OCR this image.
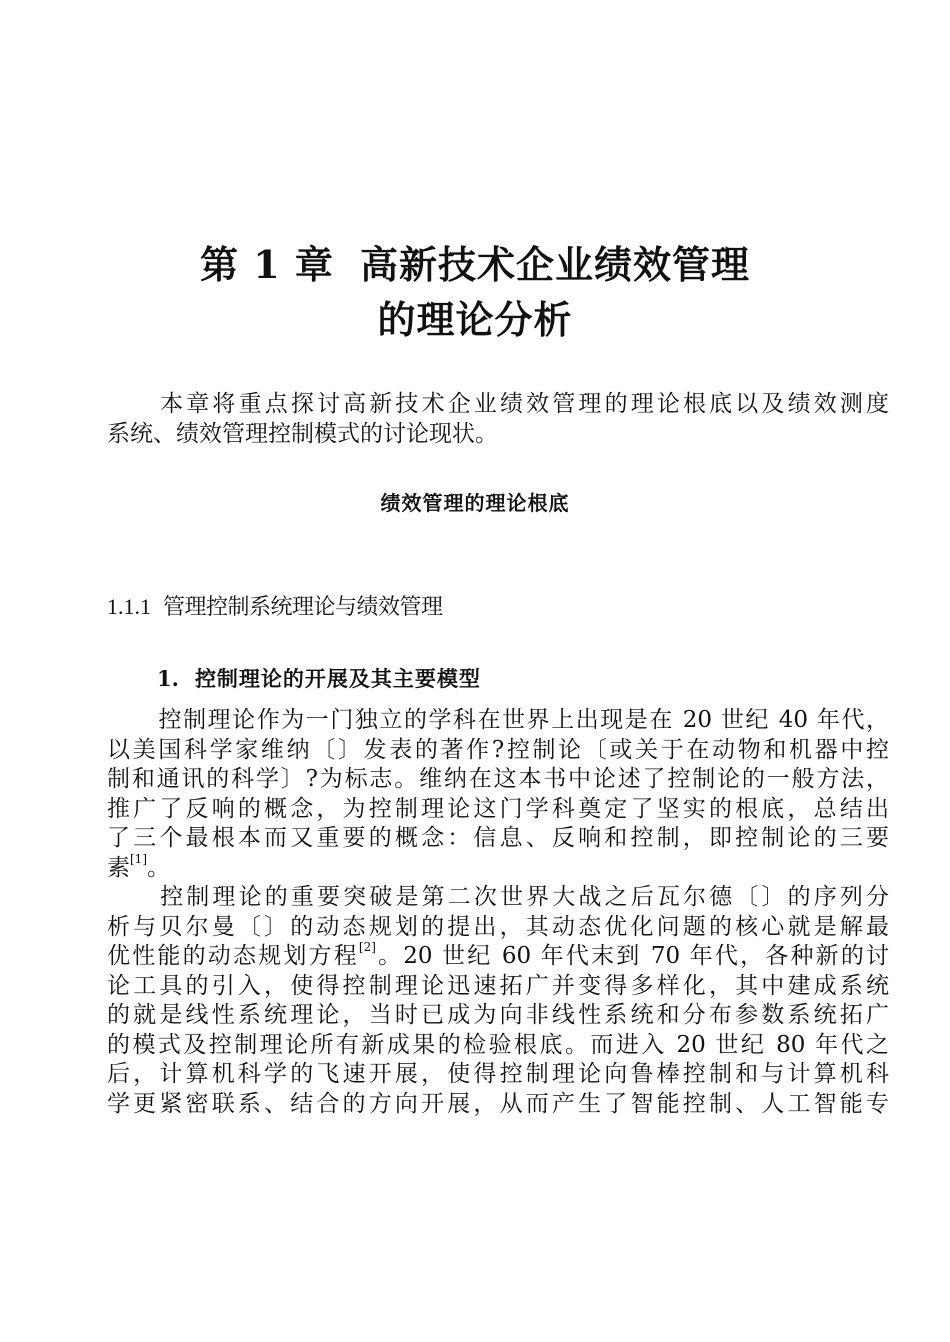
第 1 章 高新技术企业绩效管理
的理论分析
本章将重点探讨高新技术企业绩效管理的理论根底以及绩效测度
系统、绩效管理控制模式的讨论现状。
绩效管理的理论根底
1.1.1 管理控制系统理论与绩效管理
1. 控制理论的开展及其主要模型
控制理论作为一门独立的学科在世界上出现是在 20 世纪 40 年代，
以美国科学家维纳〔〕发表的著作?控制论〔或关于在动物和机器中控
制和通讯的科学〕?为标志。维纳在这本书中论述了控制论的一般方法，
推广了反响的概念，为控制理论这门学科奠定了坚实的根底，总结出
了三个最根本而又重要的概念：信息、反响和控制，即控制论的三要
素[1]。
控制理论的重要突破是第二次世界大战之后瓦尔德〔〕的序列分
析与贝尔曼〔〕的动态规划的提出，其动态优化问题的核心就是解最
优性能的动态规划方程[2]。20 世纪 60 年代末到 70 年代，各种新的讨
论工具的引入，使得控制理论迅速拓广并变得多样化，其中建成系统
的就是线性系统理论，当时已成为向非线性系统和分布参数系统拓广
的模式及控制理论所有新成果的检验根底。而进入 20 世纪 80 年代之
后，计算机科学的飞速开展，使得控制理论向鲁棒控制和与计算机科
学更紧密联系、结合的方向开展，从而产生了智能控制、人工智能专
